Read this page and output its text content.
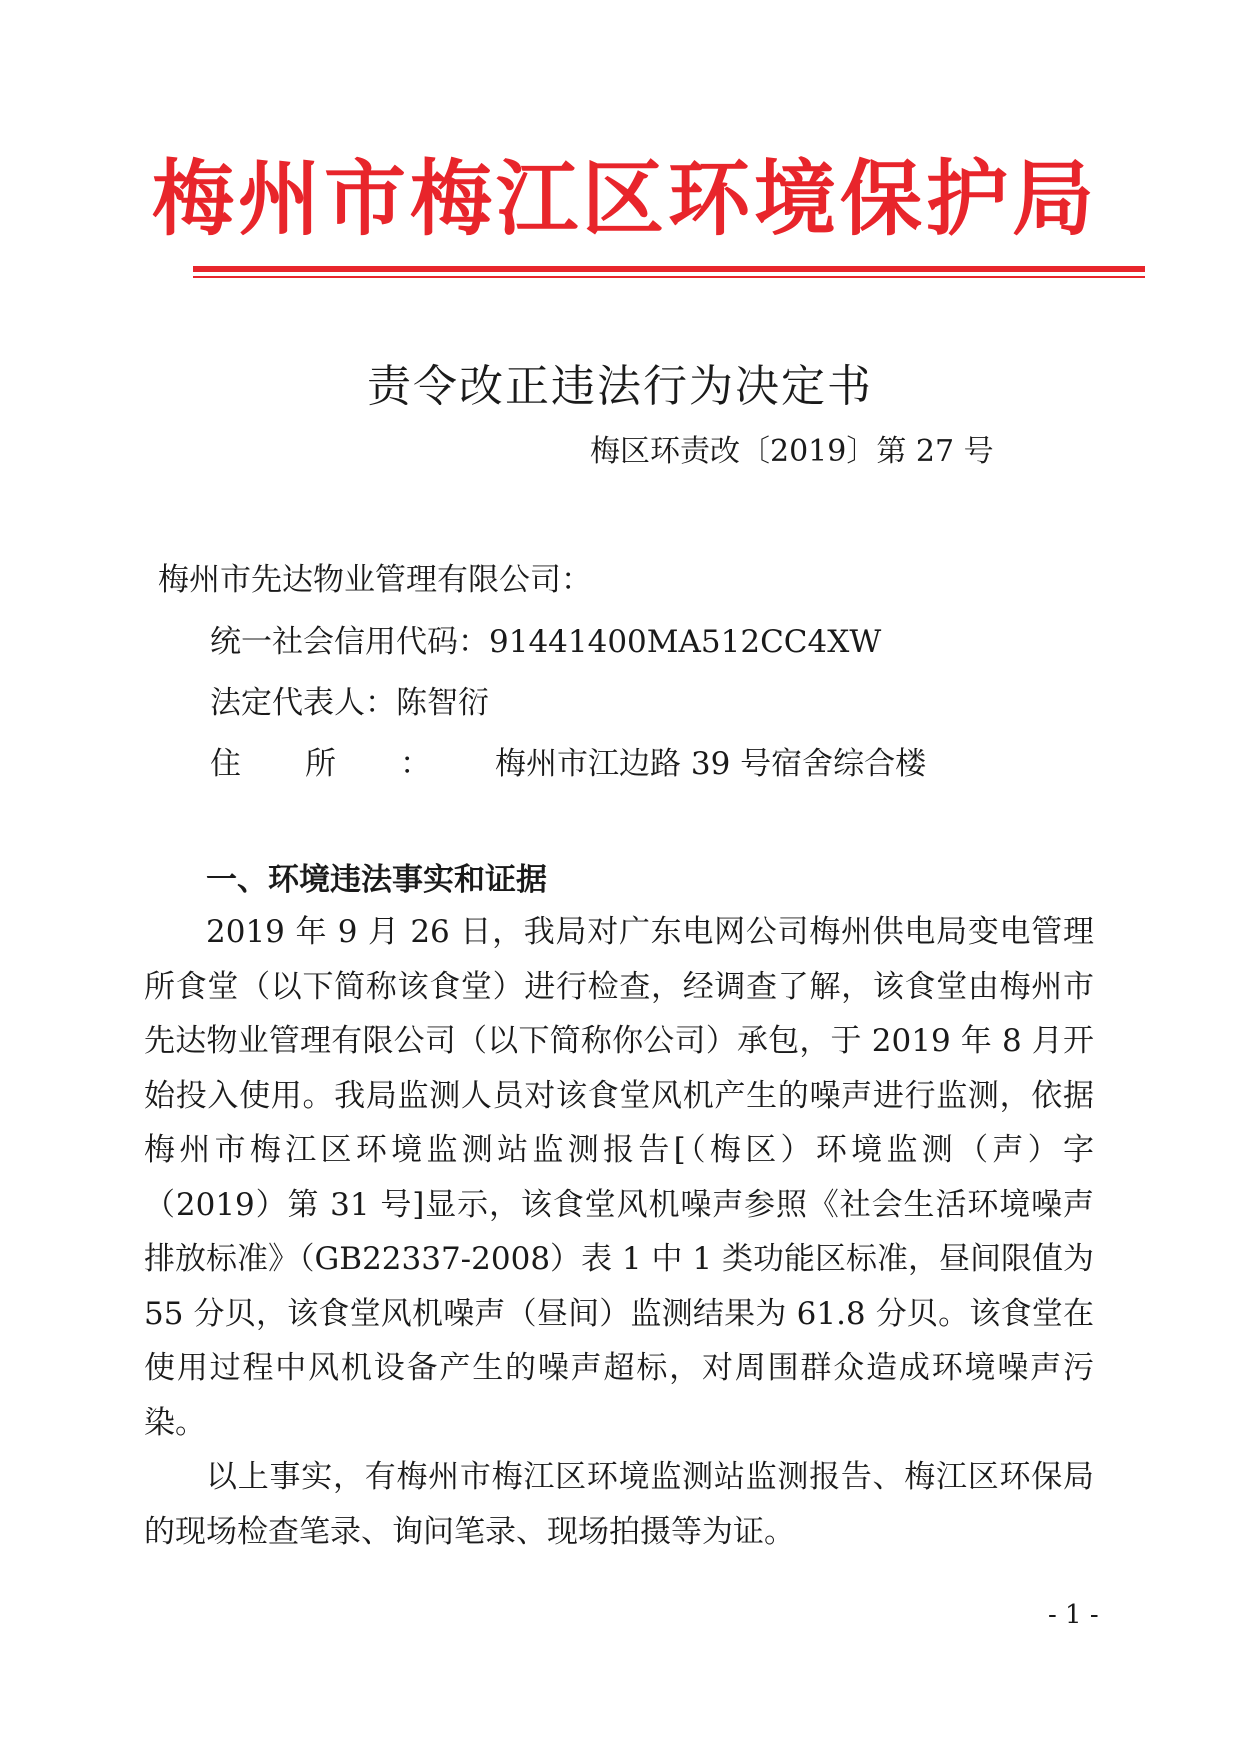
梅州市梅江区环境保护局
责令改正违法行为决定书
梅区环责改〔2019〕第 27 号
梅州市先达物业管理有限公司：
统一社会信用代码：91441400MA512CC4XW
法定代表人：陈智衍
住所：梅州市江边路 39 号宿舍综合楼
一、环境违法事实和证据

2019 年 9 月 26 日，我局对广东电网公司梅州供电局变电管理所食堂（以下简称该食堂）进行检查，经调查了解，该食堂由梅州市先达物业管理有限公司（以下简称你公司）承包，于 2019 年 8 月开始投入使用。我局监测人员对该食堂风机产生的噪声进行监测，依据梅州市梅江区环境监测站监测报告[（梅区）环境监测（声）字（2019）第 31 号]显示，该食堂风机噪声参照《社会生活环境噪声排放标准》（GB22337-2008）表 1 中 1 类功能区标准，昼间限值为 55 分贝，该食堂风机噪声（昼间）监测结果为 61.8 分贝。该食堂在使用过程中风机设备产生的噪声超标，对周围群众造成环境噪声污染。

以上事实，有梅州市梅江区环境监测站监测报告、梅江区环保局的现场检查笔录、询问笔录、现场拍摄等为证。

- 1 -
